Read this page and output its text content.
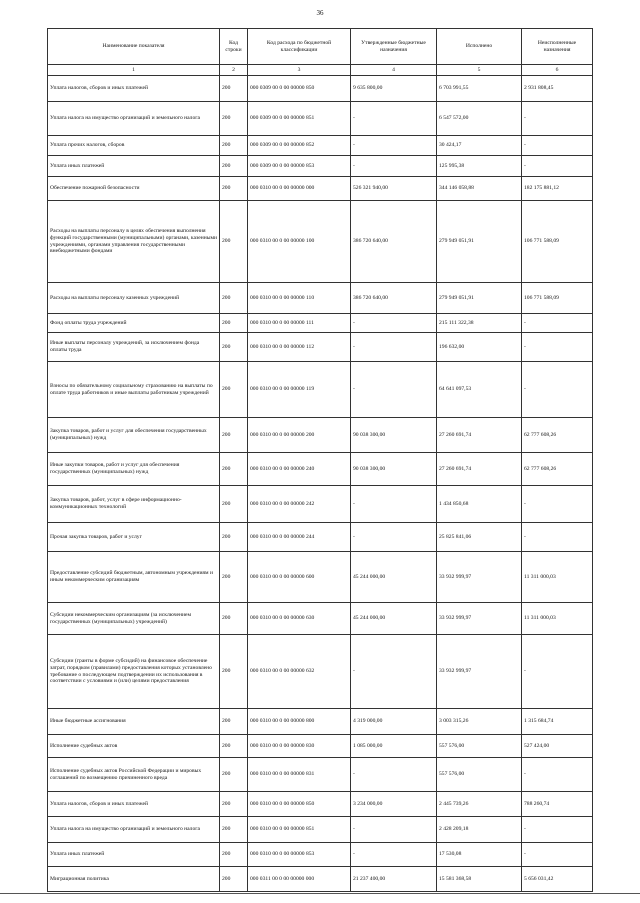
36
Наименование показателя	Код строки	Код расхода по бюджетной классификации	Утвержденные бюджетные назначения	Исполнено	Неисполненные назначения
1	2	3	4	5	6
Уплата налогов, сборов и иных платежей	200	000 0309 00 0 00 00000 850	9 635 800,00	6 703 991,55	2 931 808,45
Уплата налога на имущество организаций и земельного налога	200	000 0309 00 0 00 00000 851	-	6 547 572,00	-
Уплата прочих налогов, сборов	200	000 0309 00 0 00 00000 852	-	30 424,17	-
Уплата иных платежей	200	000 0309 00 0 00 00000 853	-	125 995,38	-
Обеспечение пожарной безопасности	200	000 0310 00 0 00 00000 000	526 321 940,00	344 146 058,88	182 175 881,12
Расходы на выплаты персоналу в целях обеспечения выполнения функций государственными (муниципальными) органами, казенными учреждениями, органами управления государственными внебюджетными фондами	200	000 0310 00 0 00 00000 100	386 720 640,00	279 949 051,91	106 771 588,09
Расходы на выплаты персоналу казенных учреждений	200	000 0310 00 0 00 00000 110	386 720 640,00	279 949 051,91	106 771 588,09
Фонд оплаты труда учреждений	200	000 0310 00 0 00 00000 111	-	215 111 322,38	-
Иные выплаты персоналу учреждений, за исключением фонда оплаты труда	200	000 0310 00 0 00 00000 112	-	196 632,00	-
Взносы по обязательному социальному страхованию на выплаты по оплате труда работников и иные выплаты работникам учреждений	200	000 0310 00 0 00 00000 119	-	64 641 097,53	-
Закупка товаров, работ и услуг для обеспечения государственных (муниципальных) нужд	200	000 0310 00 0 00 00000 200	90 038 300,00	27 260 691,74	62 777 608,26
Иные закупки товаров, работ и услуг для обеспечения государственных (муниципальных) нужд	200	000 0310 00 0 00 00000 240	90 038 300,00	27 260 691,74	62 777 608,26
Закупка товаров, работ, услуг в сфере информационно-коммуникационных технологий	200	000 0310 00 0 00 00000 242	-	1 434 850,68	-
Прочая закупка товаров, работ и услуг	200	000 0310 00 0 00 00000 244	-	25 825 841,06	-
Предоставление субсидий бюджетным, автономным учреждениям и иным некоммерческим организациям	200	000 0310 00 0 00 00000 600	45 244 000,00	33 932 999,97	11 311 000,03
Субсидии некоммерческим организациям (за исключением государственных (муниципальных) учреждений)	200	000 0310 00 0 00 00000 630	45 244 000,00	33 932 999,97	11 311 000,03
Субсидии (гранты в форме субсидий) на финансовое обеспечение затрат, порядком (правилами) предоставления которых установлено требование о последующем подтверждении их использования в соответствии с условиями и (или) целями предоставления	200	000 0310 00 0 00 00000 632	-	33 932 999,97	-
Иные бюджетные ассигнования	200	000 0310 00 0 00 00000 800	4 319 000,00	3 003 315,26	1 315 684,74
Исполнение судебных актов	200	000 0310 00 0 00 00000 830	1 085 000,00	557 576,00	527 424,00
Исполнение судебных актов Российской Федерации и мировых соглашений по возмещению причиненного вреда	200	000 0310 00 0 00 00000 831	-	557 576,00	-
Уплата налогов, сборов и иных платежей	200	000 0310 00 0 00 00000 850	3 234 000,00	2 445 739,26	788 260,74
Уплата налога на имущество организаций и земельного налога	200	000 0310 00 0 00 00000 851	-	2 428 209,18	-
Уплата иных платежей	200	000 0310 00 0 00 00000 853	-	17 530,08	-
Миграционная политика	200	000 0311 00 0 00 00000 000	21 237 400,00	15 581 368,58	5 656 031,42
